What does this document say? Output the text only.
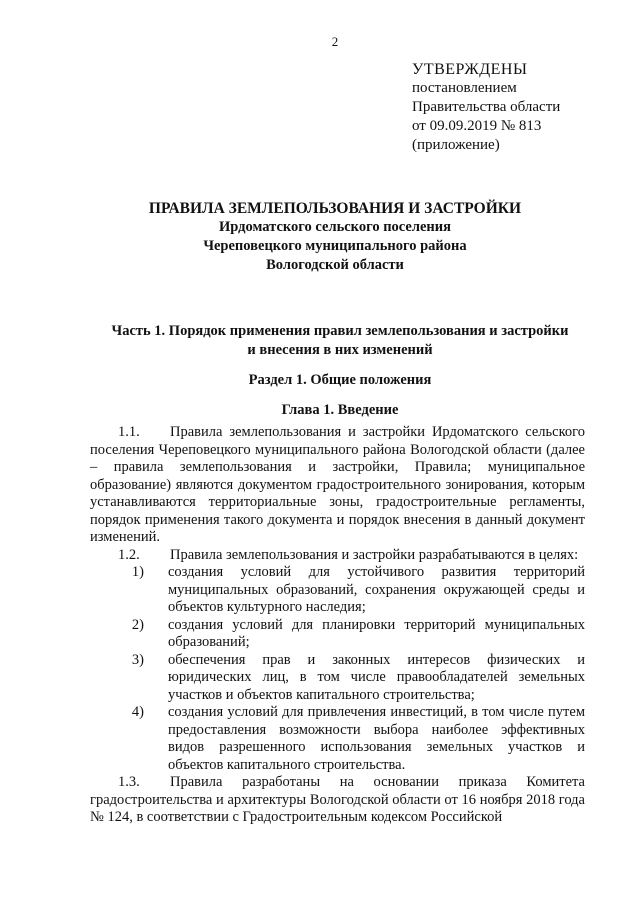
2
УТВЕРЖДЕНЫ
постановлением
Правительства области
от 09.09.2019 № 813
(приложение)
ПРАВИЛА ЗЕМЛЕПОЛЬЗОВАНИЯ И ЗАСТРОЙКИ
Ирдоматского сельского поселения
Череповецкого муниципального района
Вологодской области
Часть 1. Порядок применения правил землепользования и застройки
и внесения в них изменений
Раздел 1. Общие положения
Глава 1. Введение

1.1. Правила землепользования и застройки Ирдоматского сельского поселения Череповецкого муниципального района Вологодской области (далее – правила землепользования и застройки, Правила; муниципальное образование) являются документом градостроительного зонирования, которым устанавливаются территориальные зоны, градостроительные регламенты, порядок применения такого документа и порядок внесения в данный документ изменений.

1.2. Правила землепользования и застройки разрабатываются в целях:

1)	создания условий для устойчивого развития территорий муниципальных образований, сохранения окружающей среды и объектов культурного наследия;
2)	создания условий для планировки территорий муниципальных образований;
3)	обеспечения прав и законных интересов физических и юридических лиц, в том числе правообладателей земельных участков и объектов капитального строительства;
4)	создания условий для привлечения инвестиций, в том числе путем предоставления возможности выбора наиболее эффективных видов разрешенного использования земельных участков и объектов капитального строительства.

1.3. Правила разработаны на основании приказа Комитета градостроительства и архитектуры Вологодской области от 16 ноября 2018 года № 124, в соответствии с Градостроительным кодексом Российской
